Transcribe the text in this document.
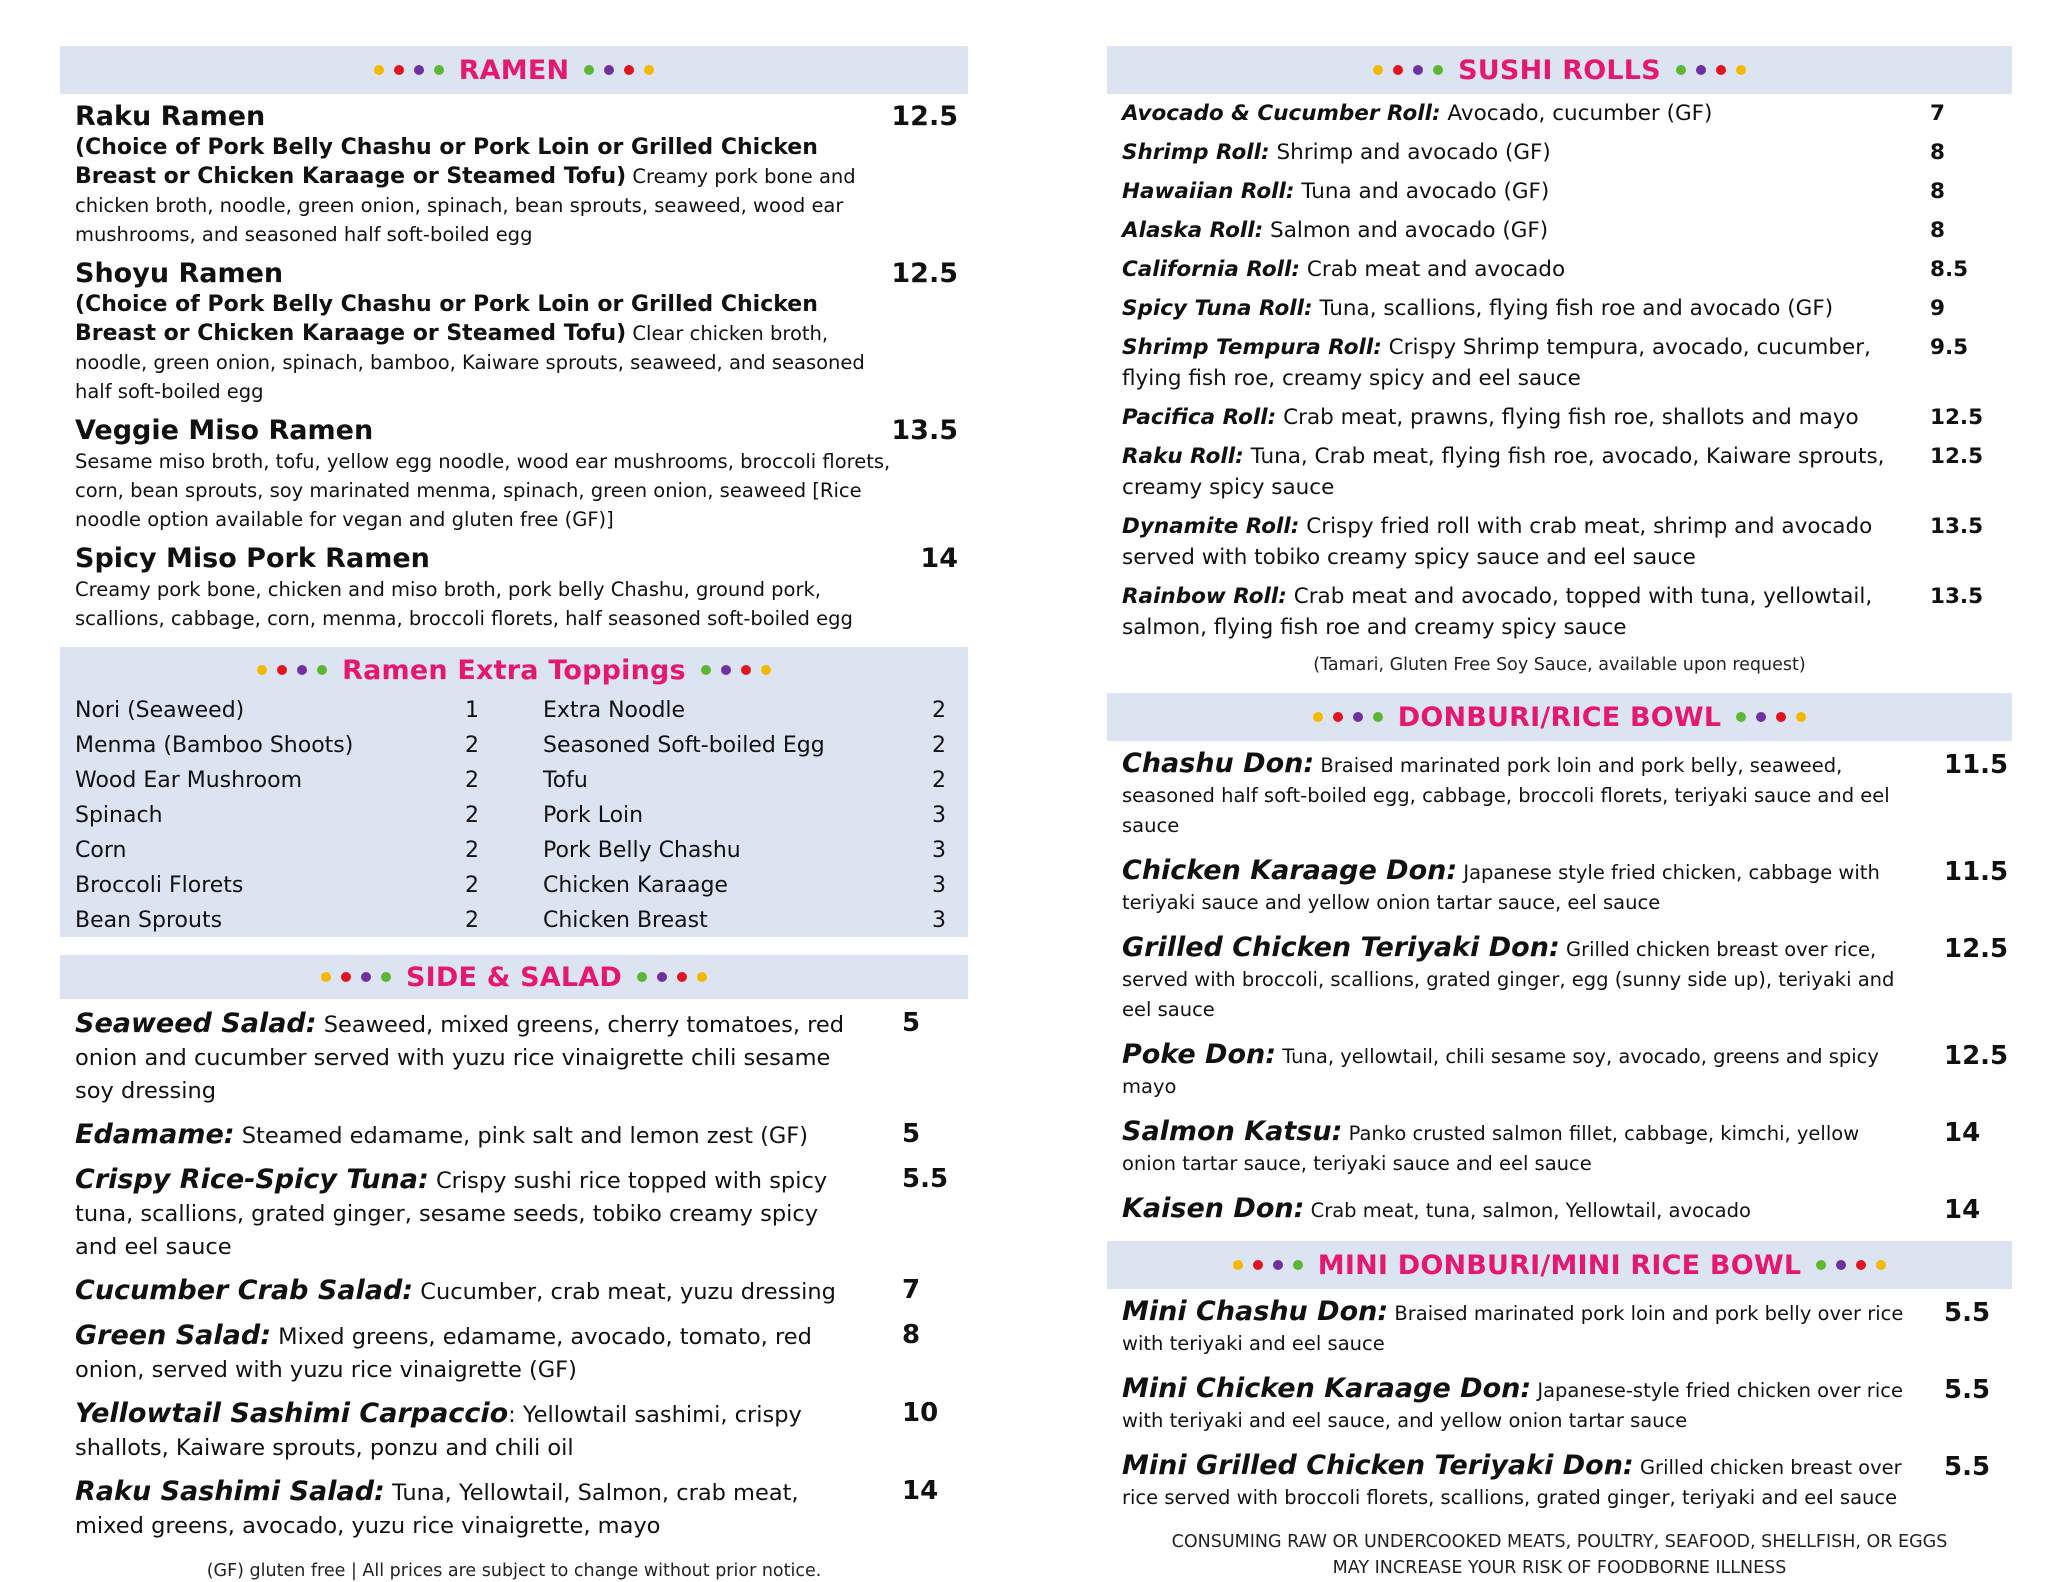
RAMEN
Raku Ramen	12.5
(Choice of Pork Belly Chashu or Pork Loin or Grilled Chicken Breast or Chicken Karaage or Steamed Tofu) Creamy pork bone and chicken broth, noodle, green onion, spinach, bean sprouts, seaweed, wood ear mushrooms, and seasoned half soft-boiled egg
Shoyu Ramen	12.5
(Choice of Pork Belly Chashu or Pork Loin or Grilled Chicken Breast or Chicken Karaage or Steamed Tofu) Clear chicken broth, noodle, green onion, spinach, bamboo, Kaiware sprouts, seaweed, and seasoned half soft-boiled egg
Veggie Miso Ramen	13.5
Sesame miso broth, tofu, yellow egg noodle, wood ear mushrooms, broccoli florets, corn, bean sprouts, soy marinated menma, spinach, green onion, seaweed [Rice noodle option available for vegan and gluten free (GF)]
Spicy Miso Pork Ramen	14
Creamy pork bone, chicken and miso broth, pork belly Chashu, ground pork, scallions, cabbage, corn, menma, broccoli florets, half seasoned soft-boiled egg
Ramen Extra Toppings
Nori (Seaweed)	1	Extra Noodle	2
Menma (Bamboo Shoots)	2	Seasoned Soft-boiled Egg	2
Wood Ear Mushroom	2	Tofu	2
Spinach	2	Pork Loin	3
Corn	2	Pork Belly Chashu	3
Broccoli Florets	2	Chicken Karaage	3
Bean Sprouts	2	Chicken Breast	3
SIDE & SALAD
Seaweed Salad: Seaweed, mixed greens, cherry tomatoes, red onion and cucumber served with yuzu rice vinaigrette chili sesame soy dressing
5
Edamame: Steamed edamame, pink salt and lemon zest (GF)	5
Crispy Rice-Spicy Tuna: Crispy sushi rice topped with spicy tuna, scallions, grated ginger, sesame seeds, tobiko creamy spicy and eel sauce
5.5
Cucumber Crab Salad: Cucumber, crab meat, yuzu dressing	7
Green Salad: Mixed greens, edamame, avocado, tomato, red onion, served with yuzu rice vinaigrette (GF)
8
Yellowtail Sashimi Carpaccio: Yellowtail sashimi, crispy shallots, Kaiware sprouts, ponzu and chili oil
10
Raku Sashimi Salad: Tuna, Yellowtail, Salmon, crab meat, mixed greens, avocado, yuzu rice vinaigrette, mayo
14
(GF) gluten free | All prices are subject to change without prior notice.
SUSHI ROLLS
Avocado & Cucumber Roll: Avocado, cucumber (GF)	7
Shrimp Roll: Shrimp and avocado (GF)	8
Hawaiian Roll: Tuna and avocado (GF)	8
Alaska Roll: Salmon and avocado (GF)	8
California Roll: Crab meat and avocado	8.5
Spicy Tuna Roll: Tuna, scallions, flying fish roe and avocado (GF)	9
Shrimp Tempura Roll: Crispy Shrimp tempura, avocado, cucumber, flying fish roe, creamy spicy and eel sauce
9.5
Pacifica Roll: Crab meat, prawns, flying fish roe, shallots and mayo	12.5
Raku Roll: Tuna, Crab meat, flying fish roe, avocado, Kaiware sprouts, creamy spicy sauce
12.5
Dynamite Roll: Crispy fried roll with crab meat, shrimp and avocado served with tobiko creamy spicy sauce and eel sauce
13.5
Rainbow Roll: Crab meat and avocado, topped with tuna, yellowtail, salmon, flying fish roe and creamy spicy sauce
13.5
(Tamari, Gluten Free Soy Sauce, available upon request)
DONBURI/RICE BOWL
Chashu Don: Braised marinated pork loin and pork belly, seaweed, seasoned half soft-boiled egg, cabbage, broccoli florets, teriyaki sauce and eel sauce
11.5
Chicken Karaage Don: Japanese style fried chicken, cabbage with teriyaki sauce and yellow onion tartar sauce, eel sauce
11.5
Grilled Chicken Teriyaki Don: Grilled chicken breast over rice, served with broccoli, scallions, grated ginger, egg (sunny side up), teriyaki and eel sauce
12.5
Poke Don: Tuna, yellowtail, chili sesame soy, avocado, greens and spicy mayo
12.5
Salmon Katsu: Panko crusted salmon fillet, cabbage, kimchi, yellow onion tartar sauce, teriyaki sauce and eel sauce
14
Kaisen Don: Crab meat, tuna, salmon, Yellowtail, avocado	14
MINI DONBURI/MINI RICE BOWL
Mini Chashu Don: Braised marinated pork loin and pork belly over rice with teriyaki and eel sauce
5.5
Mini Chicken Karaage Don: Japanese-style fried chicken over rice with teriyaki and eel sauce, and yellow onion tartar sauce
5.5
Mini Grilled Chicken Teriyaki Don: Grilled chicken breast over rice served with broccoli florets, scallions, grated ginger, teriyaki and eel sauce
5.5
CONSUMING RAW OR UNDERCOOKED MEATS, POULTRY, SEAFOOD, SHELLFISH, OR EGGS
MAY INCREASE YOUR RISK OF FOODBORNE ILLNESS
